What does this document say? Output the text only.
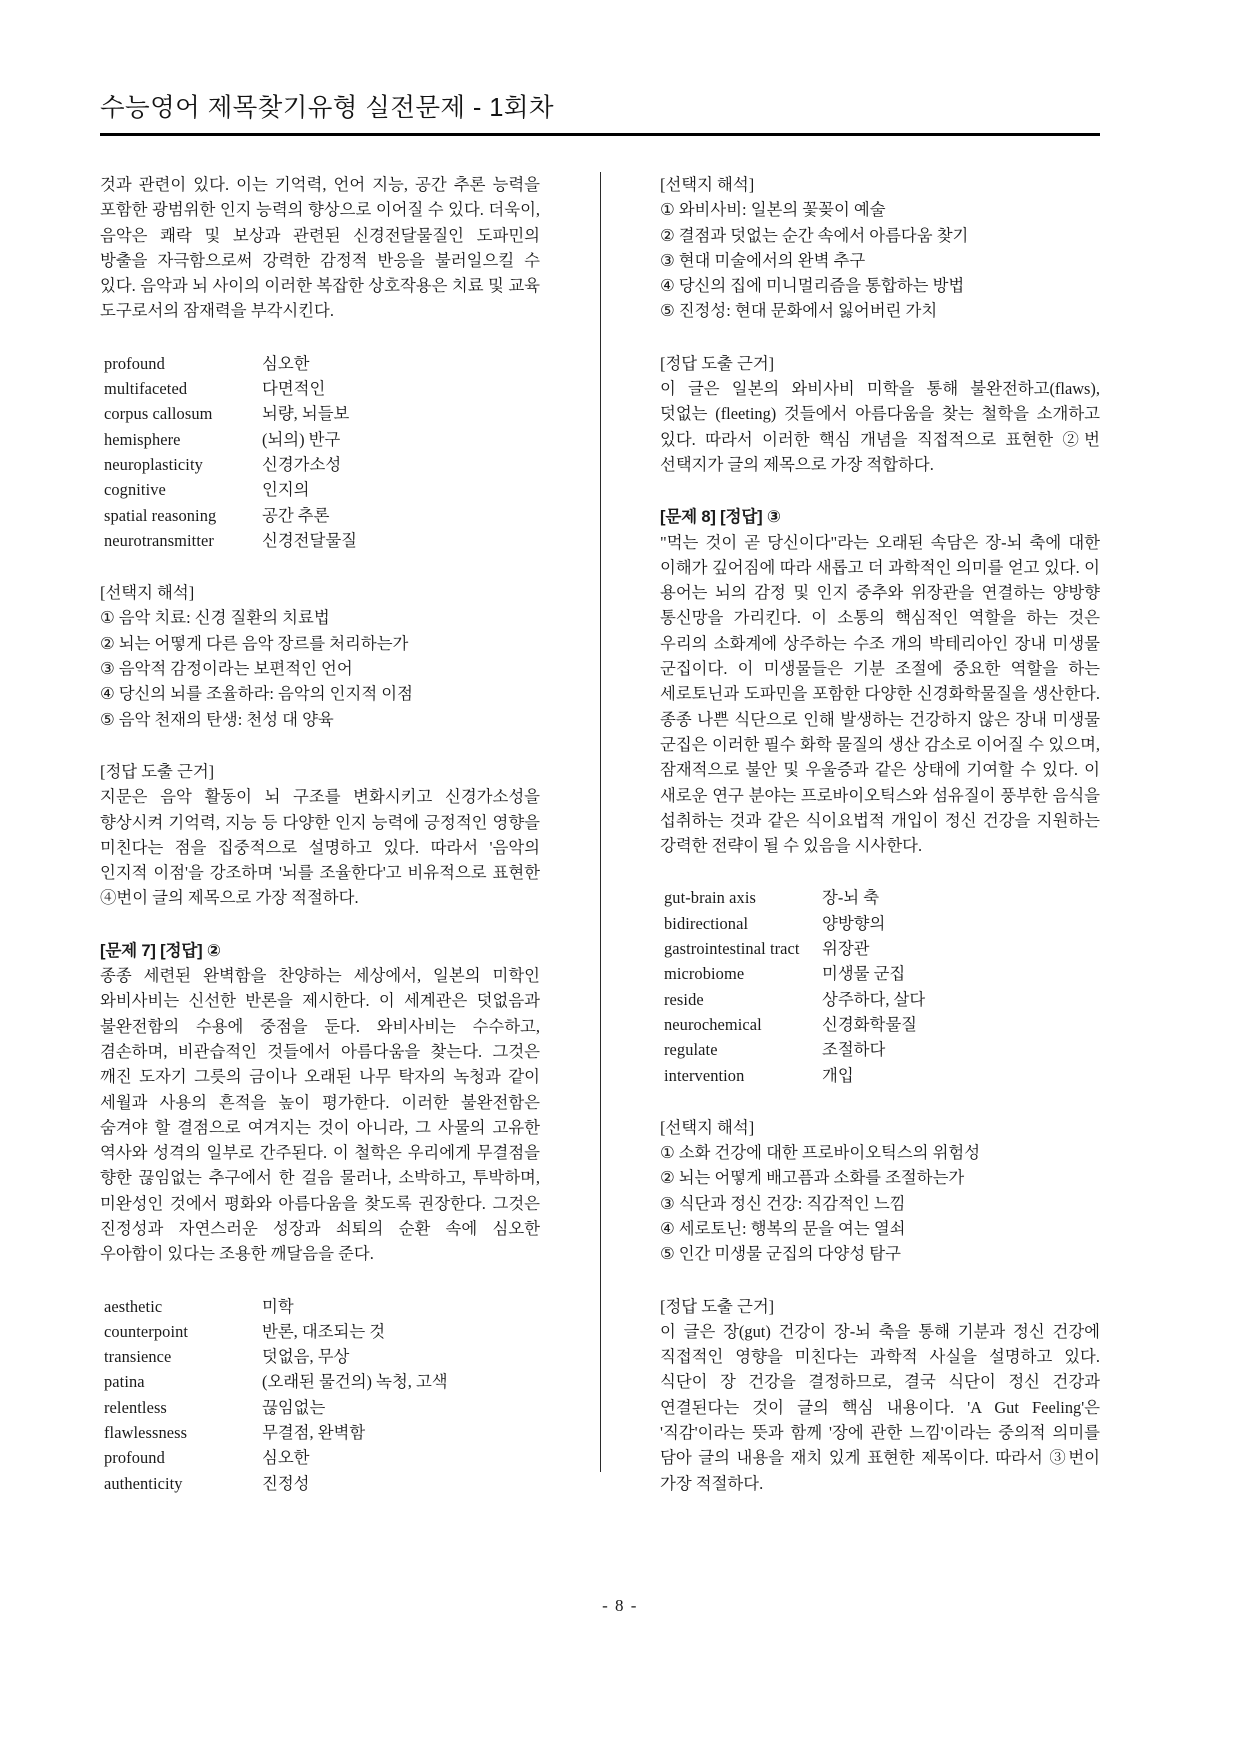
수능영어 제목찾기유형 실전문제 - 1회차

것과 관련이 있다. 이는 기억력, 언어 지능, 공간 추론 능력을 포함한 광범위한 인지 능력의 향상으로 이어질 수 있다. 더욱이, 음악은 쾌락 및 보상과 관련된 신경전달물질인 도파민의 방출을 자극함으로써 강력한 감정적 반응을 불러일으킬 수 있다. 음악과 뇌 사이의 이러한 복잡한 상호작용은 치료 및 교육 도구로서의 잠재력을 부각시킨다.

profound	심오한
multifaceted	다면적인
corpus callosum	뇌량, 뇌들보
hemisphere	(뇌의) 반구
neuroplasticity	신경가소성
cognitive	인지의
spatial reasoning	공간 추론
neurotransmitter	신경전달물질
[선택지 해석]
① 음악 치료: 신경 질환의 치료법
② 뇌는 어떻게 다른 음악 장르를 처리하는가
③ 음악적 감정이라는 보편적인 언어
④ 당신의 뇌를 조율하라: 음악의 인지적 이점
⑤ 음악 천재의 탄생: 천성 대 양육
[정답 도출 근거]

지문은 음악 활동이 뇌 구조를 변화시키고 신경가소성을 향상시켜 기억력, 지능 등 다양한 인지 능력에 긍정적인 영향을 미친다는 점을 집중적으로 설명하고 있다. 따라서 '음악의 인지적 이점'을 강조하며 '뇌를 조율한다'고 비유적으로 표현한 ④번이 글의 제목으로 가장 적절하다.

[문제 7] [정답] ②

종종 세련된 완벽함을 찬양하는 세상에서, 일본의 미학인 와비사비는 신선한 반론을 제시한다. 이 세계관은 덧없음과 불완전함의 수용에 중점을 둔다. 와비사비는 수수하고, 겸손하며, 비관습적인 것들에서 아름다움을 찾는다. 그것은 깨진 도자기 그릇의 금이나 오래된 나무 탁자의 녹청과 같이 세월과 사용의 흔적을 높이 평가한다. 이러한 불완전함은 숨겨야 할 결점으로 여겨지는 것이 아니라, 그 사물의 고유한 역사와 성격의 일부로 간주된다. 이 철학은 우리에게 무결점을 향한 끊임없는 추구에서 한 걸음 물러나, 소박하고, 투박하며, 미완성인 것에서 평화와 아름다움을 찾도록 권장한다. 그것은 진정성과 자연스러운 성장과 쇠퇴의 순환 속에 심오한 우아함이 있다는 조용한 깨달음을 준다.

aesthetic	미학
counterpoint	반론, 대조되는 것
transience	덧없음, 무상
patina	(오래된 물건의) 녹청, 고색
relentless	끊임없는
flawlessness	무결점, 완벽함
profound	심오한
authenticity	진정성
[선택지 해석]
① 와비사비: 일본의 꽃꽂이 예술
② 결점과 덧없는 순간 속에서 아름다움 찾기
③ 현대 미술에서의 완벽 추구
④ 당신의 집에 미니멀리즘을 통합하는 방법
⑤ 진정성: 현대 문화에서 잃어버린 가치
[정답 도출 근거]

이 글은 일본의 와비사비 미학을 통해 불완전하고(flaws), 덧없는 (fleeting) 것들에서 아름다움을 찾는 철학을 소개하고 있다. 따라서 이러한 핵심 개념을 직접적으로 표현한 ②번 선택지가 글의 제목으로 가장 적합하다.

[문제 8] [정답] ③

"먹는 것이 곧 당신이다"라는 오래된 속담은 장-뇌 축에 대한 이해가 깊어짐에 따라 새롭고 더 과학적인 의미를 얻고 있다. 이 용어는 뇌의 감정 및 인지 중추와 위장관을 연결하는 양방향 통신망을 가리킨다. 이 소통의 핵심적인 역할을 하는 것은 우리의 소화계에 상주하는 수조 개의 박테리아인 장내 미생물 군집이다. 이 미생물들은 기분 조절에 중요한 역할을 하는 세로토닌과 도파민을 포함한 다양한 신경화학물질을 생산한다. 종종 나쁜 식단으로 인해 발생하는 건강하지 않은 장내 미생물 군집은 이러한 필수 화학 물질의 생산 감소로 이어질 수 있으며, 잠재적으로 불안 및 우울증과 같은 상태에 기여할 수 있다. 이 새로운 연구 분야는 프로바이오틱스와 섬유질이 풍부한 음식을 섭취하는 것과 같은 식이요법적 개입이 정신 건강을 지원하는 강력한 전략이 될 수 있음을 시사한다.

gut-brain axis	장-뇌 축
bidirectional	양방향의
gastrointestinal tract	위장관
microbiome	미생물 군집
reside	상주하다, 살다
neurochemical	신경화학물질
regulate	조절하다
intervention	개입
[선택지 해석]
① 소화 건강에 대한 프로바이오틱스의 위험성
② 뇌는 어떻게 배고픔과 소화를 조절하는가
③ 식단과 정신 건강: 직감적인 느낌
④ 세로토닌: 행복의 문을 여는 열쇠
⑤ 인간 미생물 군집의 다양성 탐구
[정답 도출 근거]

이 글은 장(gut) 건강이 장-뇌 축을 통해 기분과 정신 건강에 직접적인 영향을 미친다는 과학적 사실을 설명하고 있다. 식단이 장 건강을 결정하므로, 결국 식단이 정신 건강과 연결된다는 것이 글의 핵심 내용이다. 'A Gut Feeling'은 '직감'이라는 뜻과 함께 '장에 관한 느낌'이라는 중의적 의미를 담아 글의 내용을 재치 있게 표현한 제목이다. 따라서 ③번이 가장 적절하다.

- 8 -
